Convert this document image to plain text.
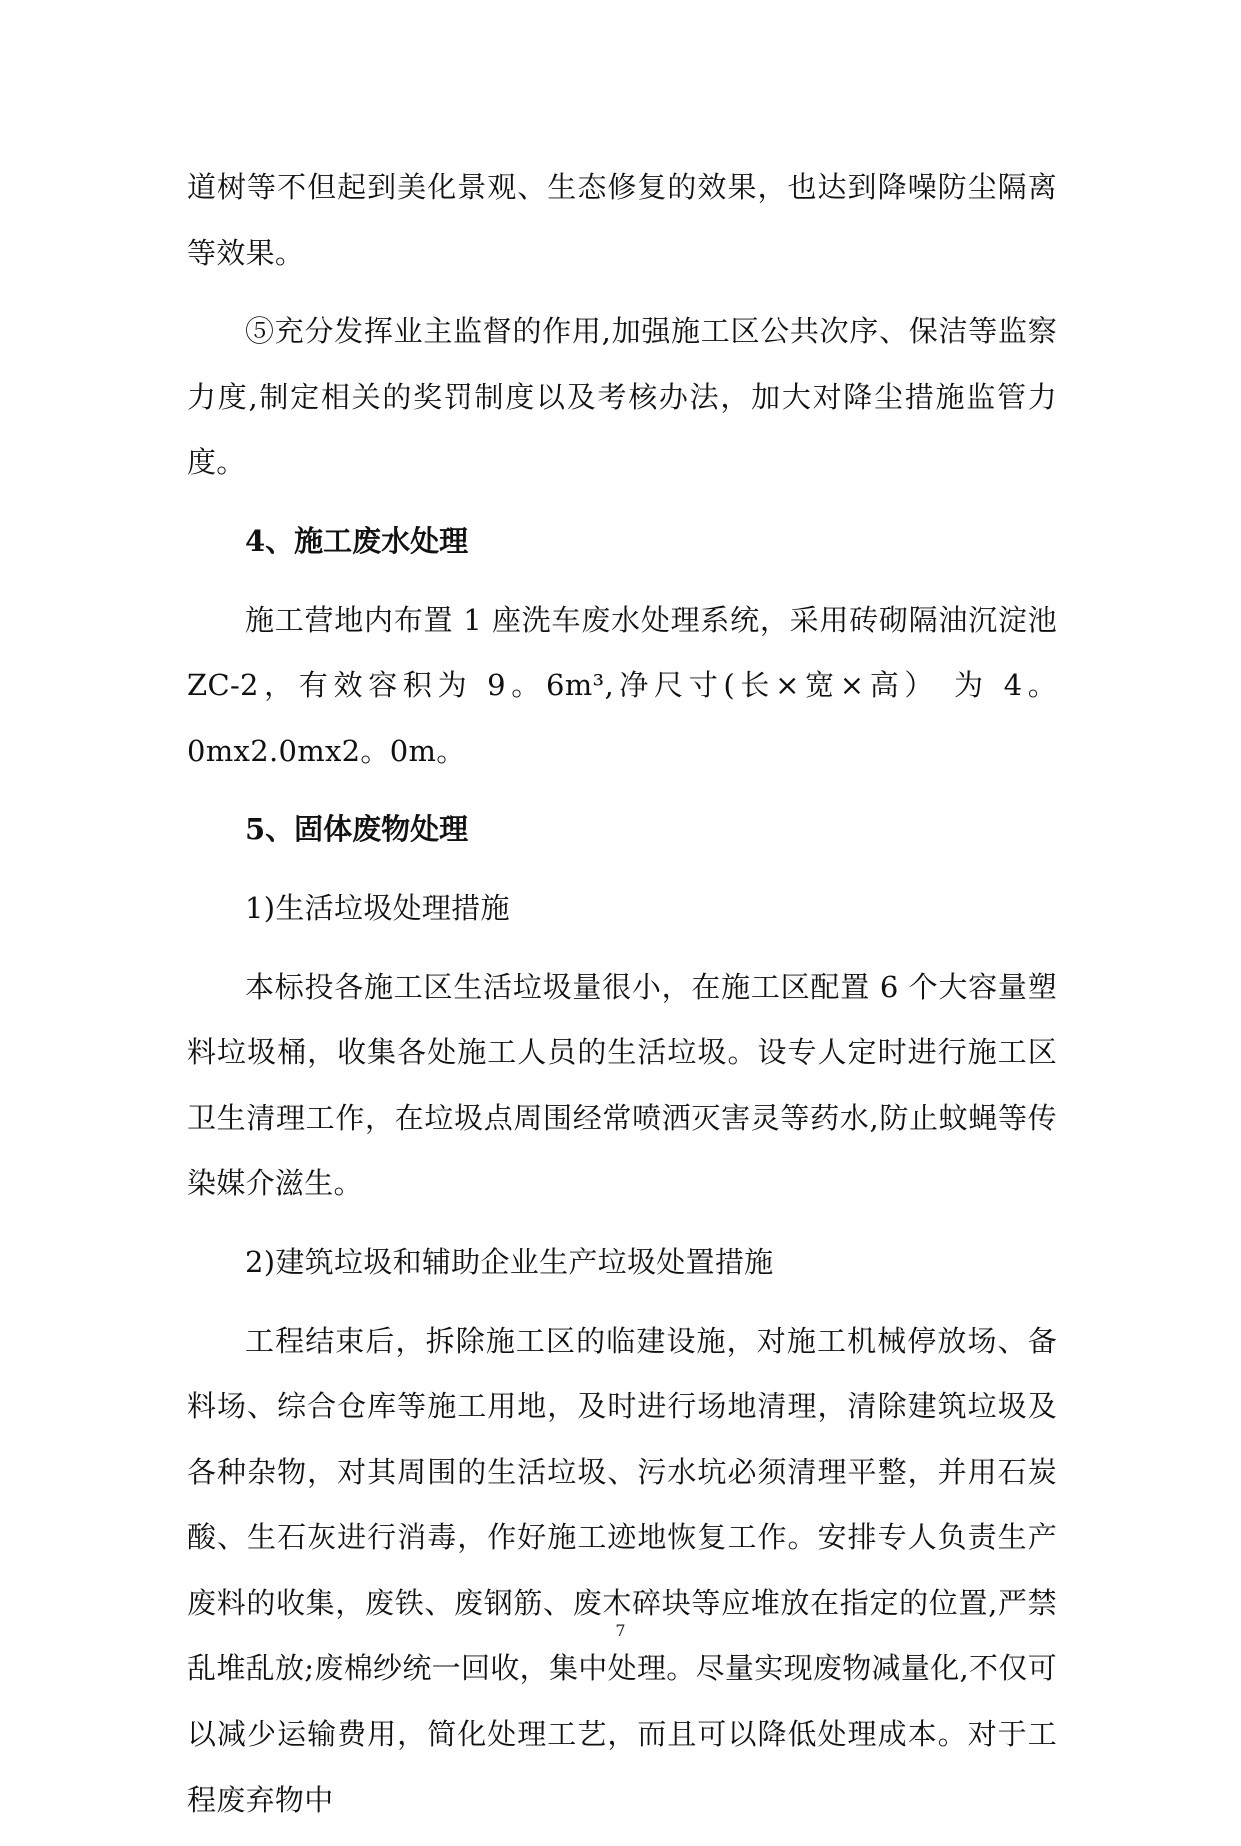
道树等不但起到美化景观、生态修复的效果，也达到降噪防尘隔离等效果。

⑤充分发挥业主监督的作用,加强施工区公共次序、保洁等监察力度,制定相关的奖罚制度以及考核办法，加大对降尘措施监管力度。

4、施工废水处理

施工营地内布置 1 座洗车废水处理系统，采用砖砌隔油沉淀池 ZC-2，有效容积为 9。6m³,净尺寸(长×宽×高） 为 4。0mx2.0mx2。0m。

5、固体废物处理

1)生活垃圾处理措施

本标投各施工区生活垃圾量很小，在施工区配置 6 个大容量塑料垃圾桶，收集各处施工人员的生活垃圾。设专人定时进行施工区卫生清理工作，在垃圾点周围经常喷洒灭害灵等药水,防止蚊蝇等传染媒介滋生。

2)建筑垃圾和辅助企业生产垃圾处置措施

工程结束后，拆除施工区的临建设施，对施工机械停放场、备料场、综合仓库等施工用地，及时进行场地清理，清除建筑垃圾及各种杂物，对其周围的生活垃圾、污水坑必须清理平整，并用石炭酸、生石灰进行消毒，作好施工迹地恢复工作。安排专人负责生产废料的收集，废铁、废钢筋、废木碎块等应堆放在指定的位置,严禁乱堆乱放;废棉纱统一回收，集中处理。尽量实现废物减量化,不仅可以减少运输费用，简化处理工艺，而且可以降低处理成本。对于工程废弃物中

7
